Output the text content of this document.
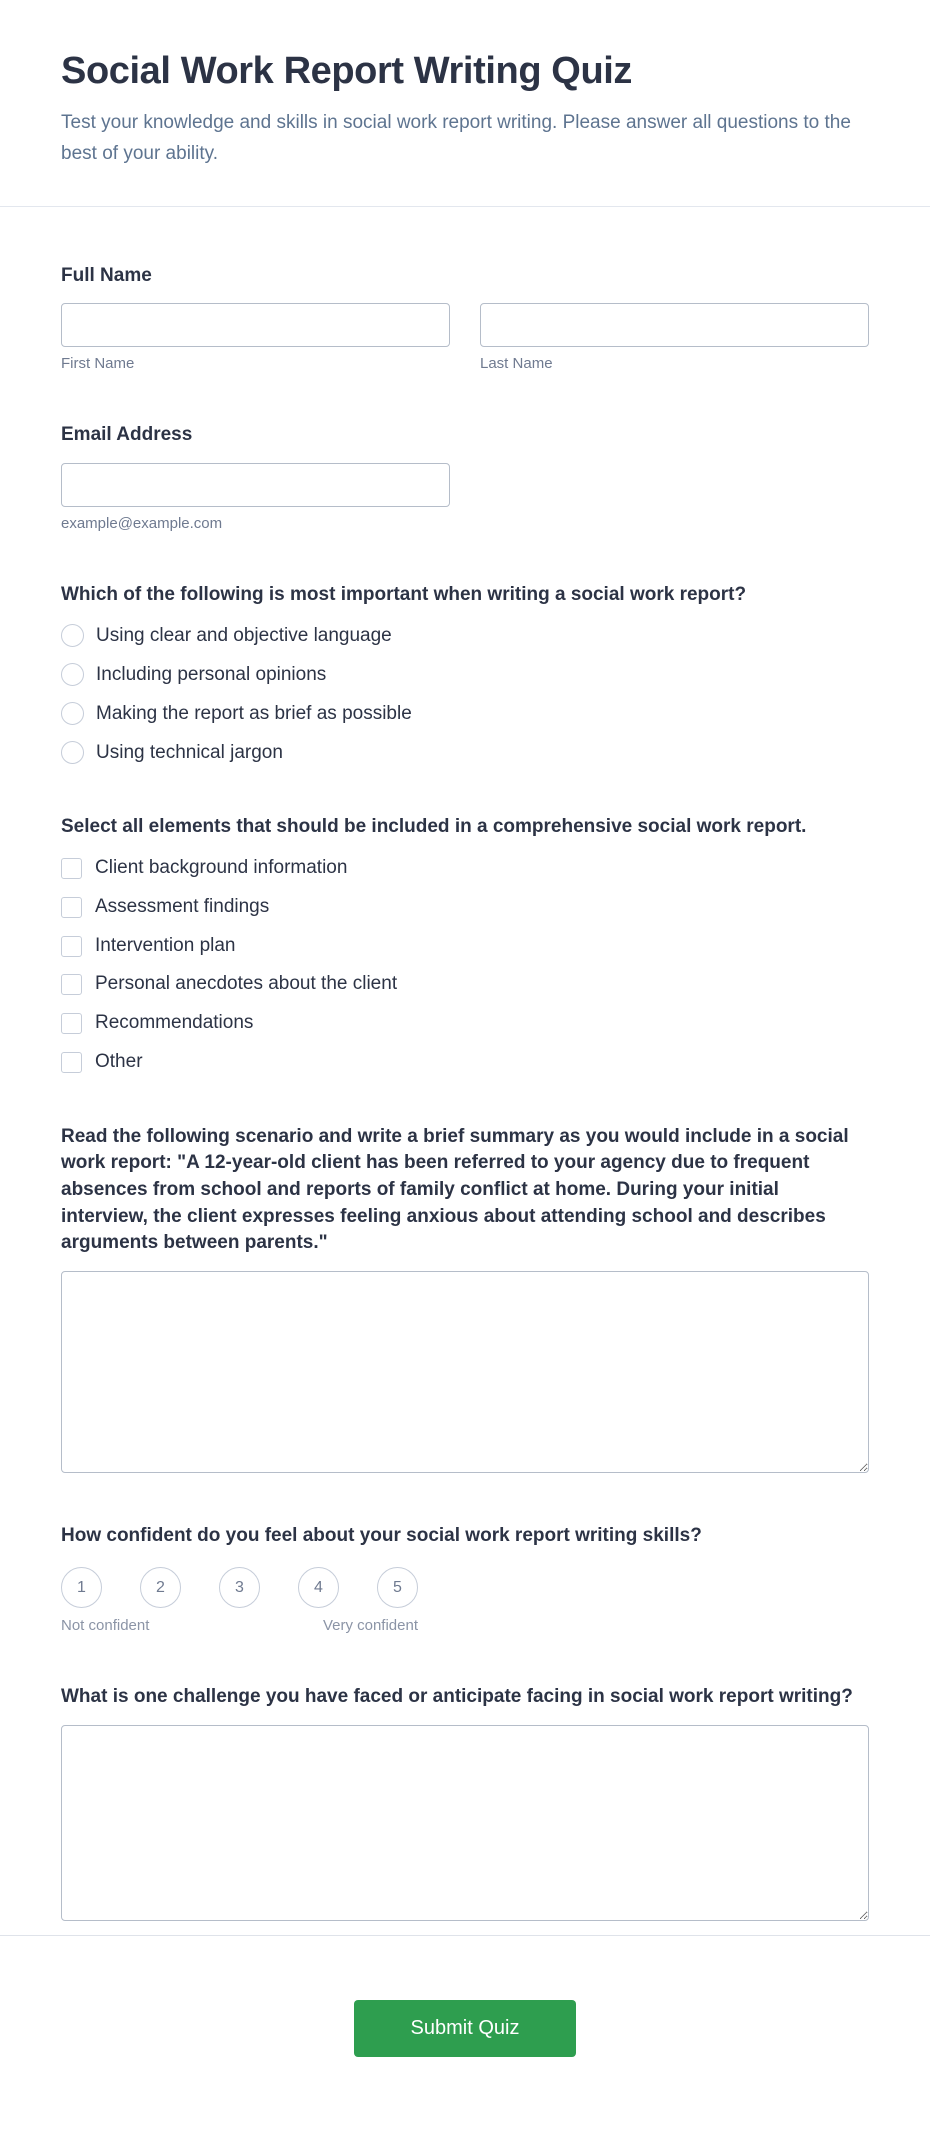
Social Work Report Writing Quiz

Test your knowledge and skills in social work report writing. Please answer all questions to the best of your ability.

Full Name
First Name	Last Name
Email Address
example@example.com
Which of the following is most important when writing a social work report?
Using clear and objective language
Including personal opinions
Making the report as brief as possible
Using technical jargon
Select all elements that should be included in a comprehensive social work report.
Client background information
Assessment findings
Intervention plan
Personal anecdotes about the client
Recommendations
Other
Read the following scenario and write a brief summary as you would include in a social work report: "A 12-year-old client has been referred to your agency due to frequent absences from school and reports of family conflict at home. During your initial interview, the client expresses feeling anxious about attending school and describes arguments between parents."
How confident do you feel about your social work report writing skills?
1	2	3	4	5
Not confident	Very confident
What is one challenge you have faced or anticipate facing in social work report writing?
Submit Quiz
